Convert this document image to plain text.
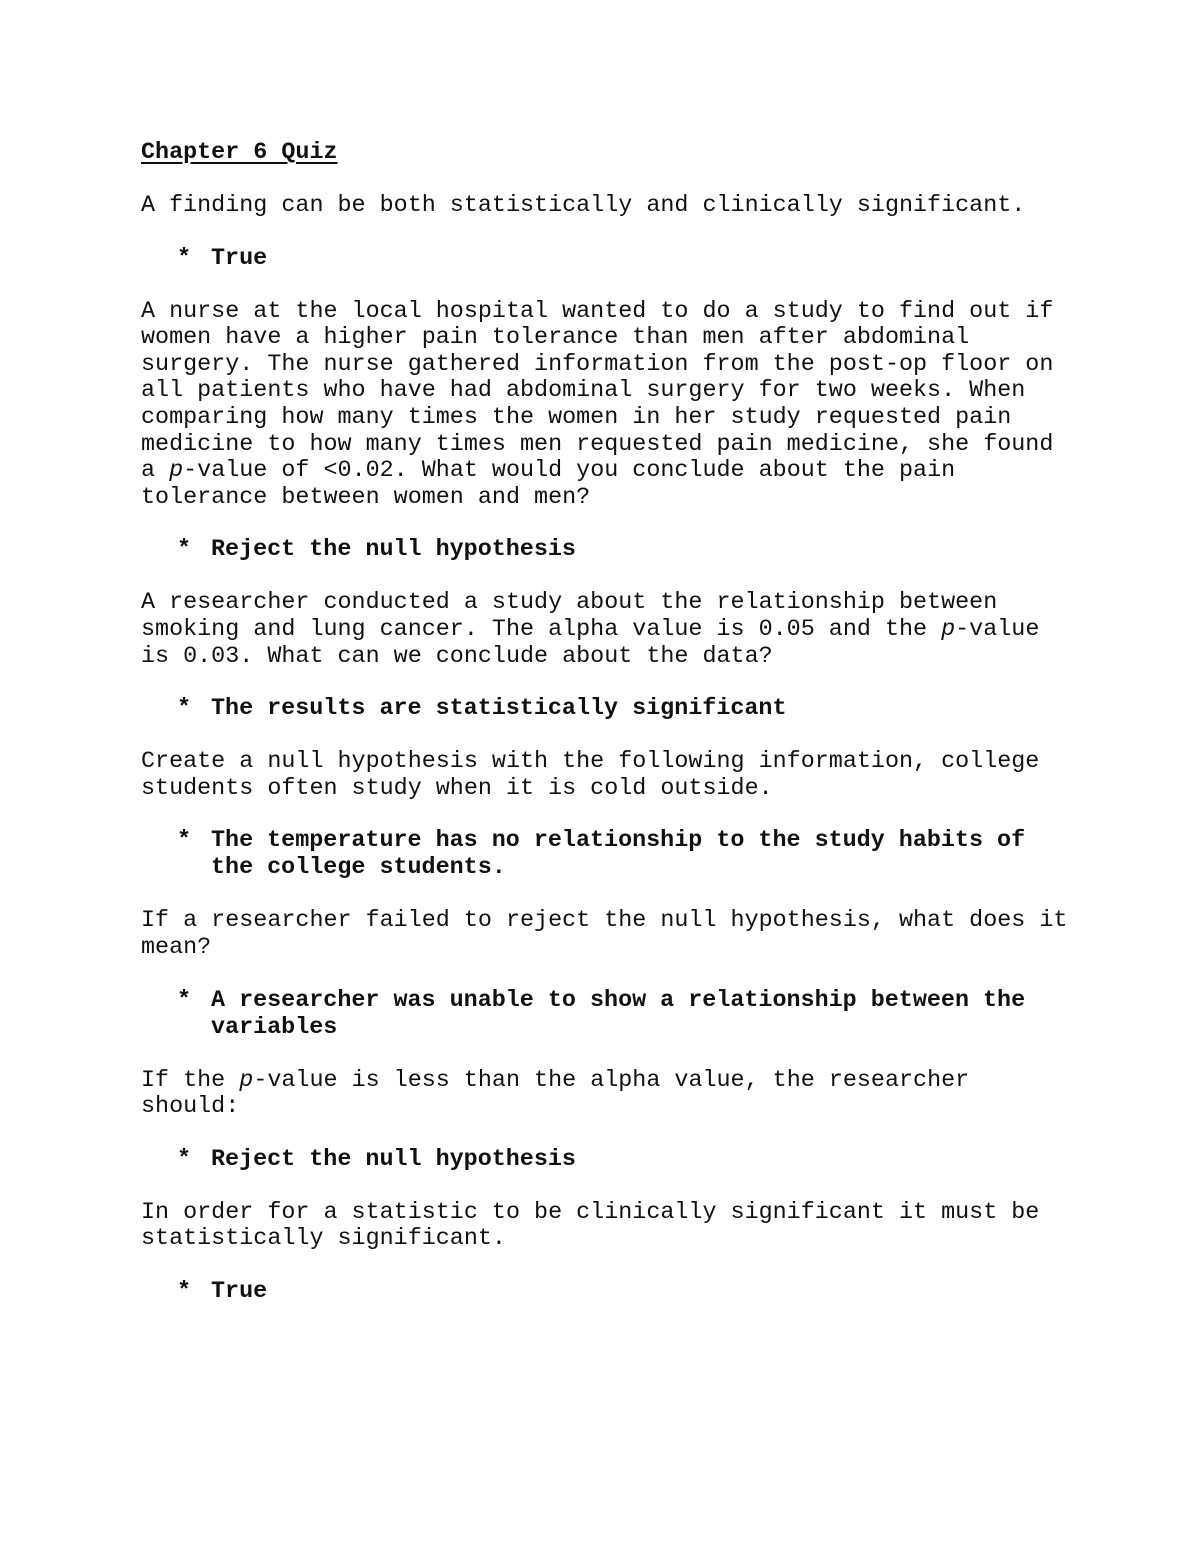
Chapter 6 Quiz
A finding can be both statistically and clinically significant.
* True
A nurse at the local hospital wanted to do a study to find out if women have a higher pain tolerance than men after abdominal surgery. The nurse gathered information from the post-op floor on all patients who have had abdominal surgery for two weeks. When comparing how many times the women in her study requested pain medicine to how many times men requested pain medicine, she found a p-value of <0.02. What would you conclude about the pain tolerance between women and men?
* Reject the null hypothesis
A researcher conducted a study about the relationship between smoking and lung cancer. The alpha value is 0.05 and the p-value is 0.03. What can we conclude about the data?
* The results are statistically significant
Create a null hypothesis with the following information, college students often study when it is cold outside.
* The temperature has no relationship to the study habits of the college students.
If a researcher failed to reject the null hypothesis, what does it mean?
* A researcher was unable to show a relationship between the variables
If the p-value is less than the alpha value, the researcher should:
* Reject the null hypothesis
In order for a statistic to be clinically significant it must be statistically significant.
* True
